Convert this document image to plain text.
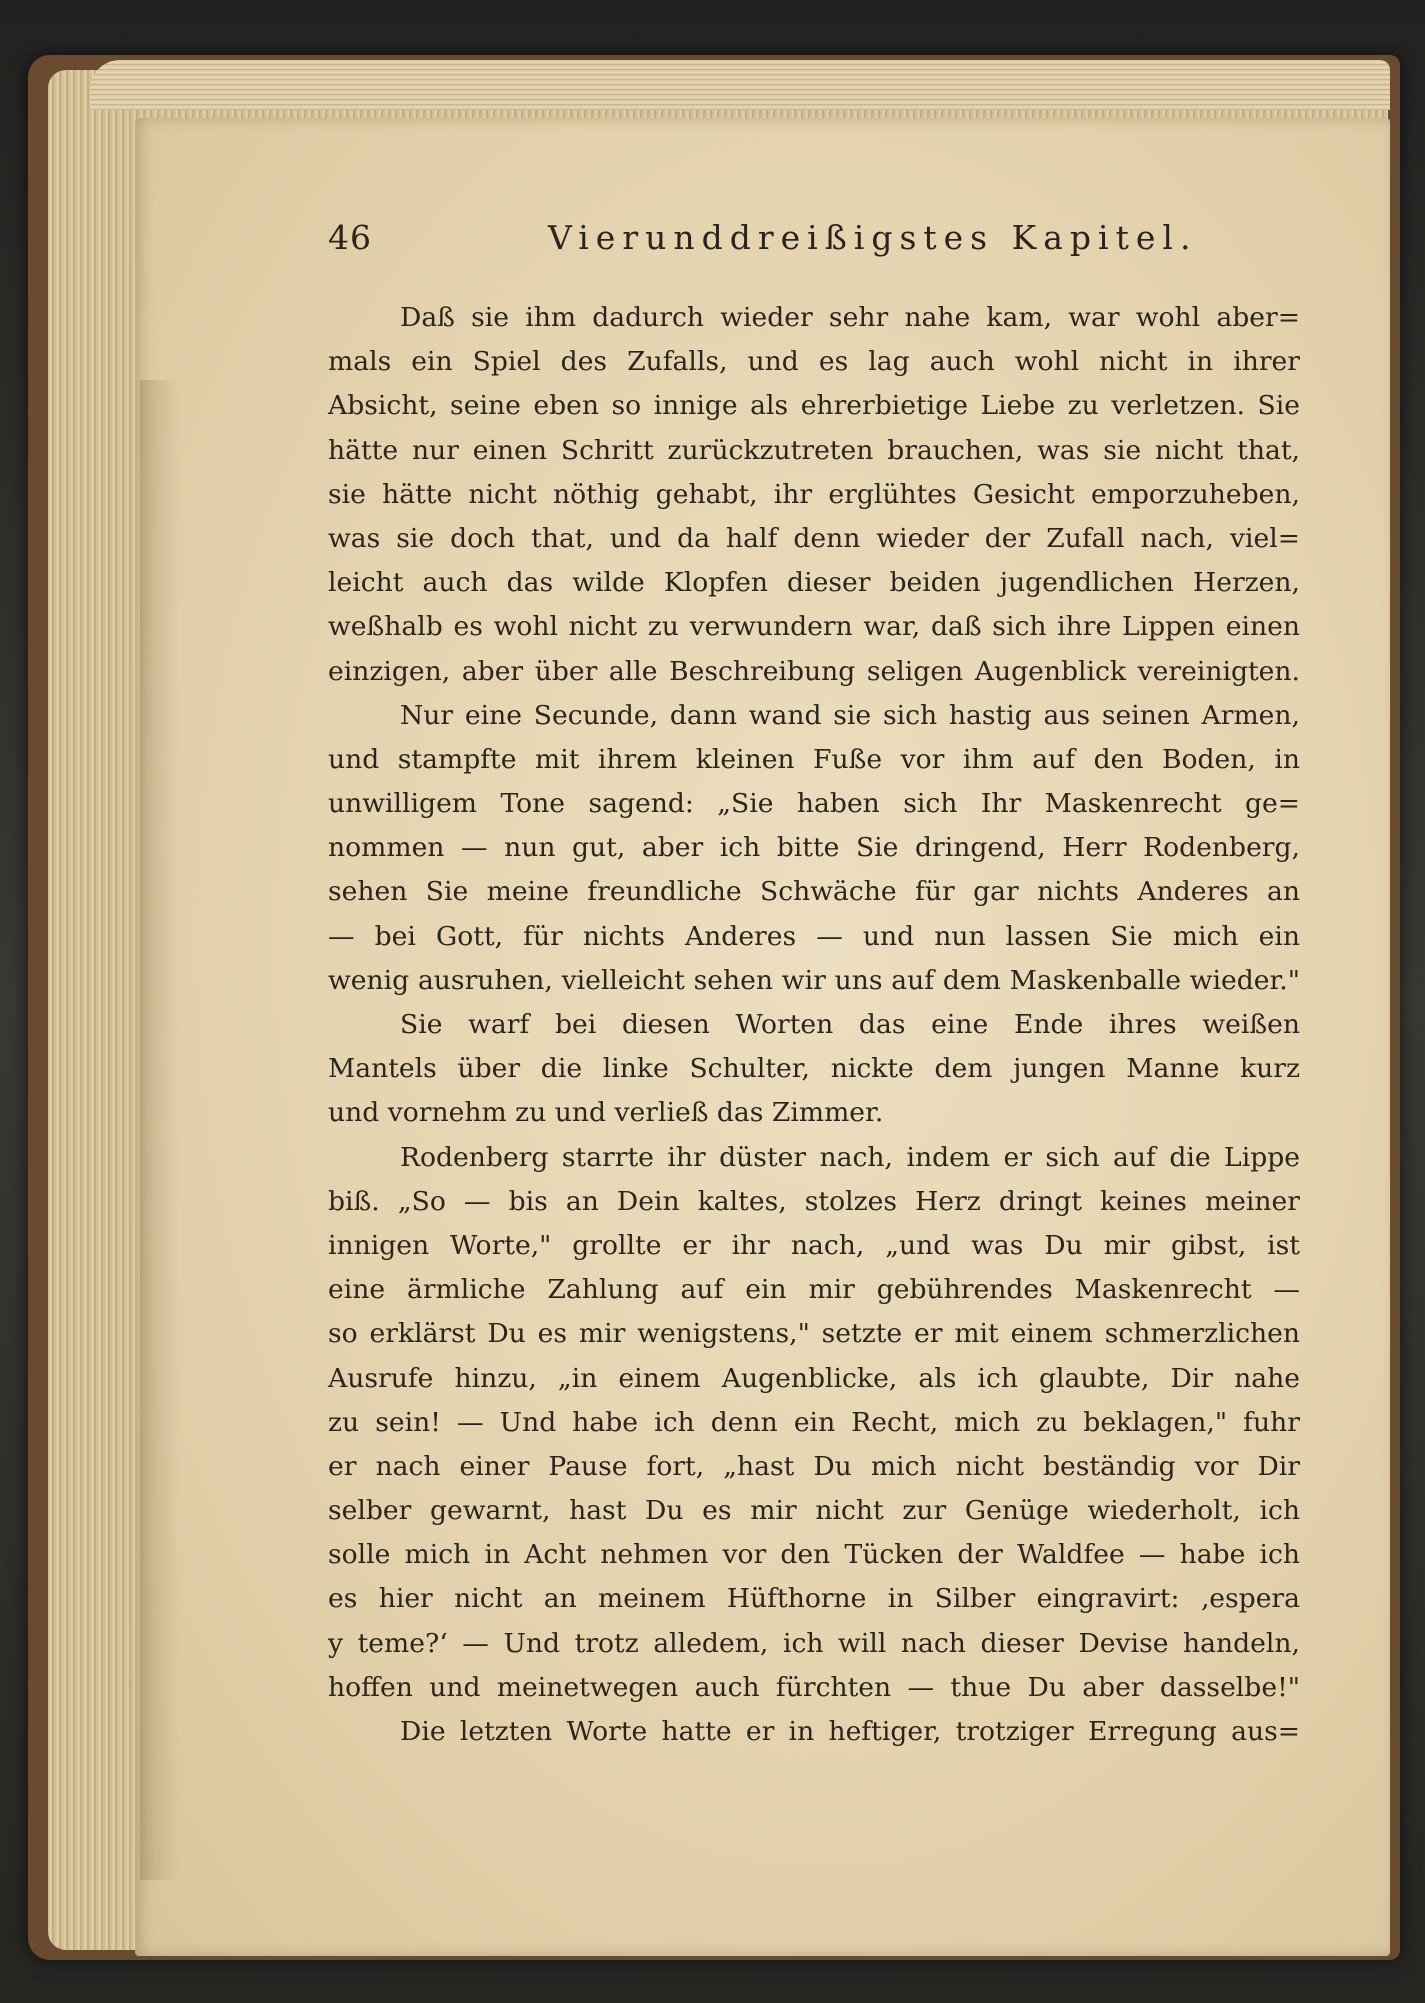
46	Vierunddreißigstes Kapitel.
Daß sie ihm dadurch wieder sehr nahe kam, war wohl aber=
mals ein Spiel des Zufalls, und es lag auch wohl nicht in ihrer
Absicht, seine eben so innige als ehrerbietige Liebe zu verletzen. Sie
hätte nur einen Schritt zurückzutreten brauchen, was sie nicht that,
sie hätte nicht nöthig gehabt, ihr erglühtes Gesicht emporzuheben,
was sie doch that, und da half denn wieder der Zufall nach, viel=
leicht auch das wilde Klopfen dieser beiden jugendlichen Herzen,
weßhalb es wohl nicht zu verwundern war, daß sich ihre Lippen einen
einzigen, aber über alle Beschreibung seligen Augenblick vereinigten.
Nur eine Secunde, dann wand sie sich hastig aus seinen Armen,
und stampfte mit ihrem kleinen Fuße vor ihm auf den Boden, in
unwilligem Tone sagend: „Sie haben sich Ihr Maskenrecht ge=
nommen — nun gut, aber ich bitte Sie dringend, Herr Rodenberg,
sehen Sie meine freundliche Schwäche für gar nichts Anderes an
— bei Gott, für nichts Anderes — und nun lassen Sie mich ein
wenig ausruhen, vielleicht sehen wir uns auf dem Maskenballe wieder."
Sie warf bei diesen Worten das eine Ende ihres weißen
Mantels über die linke Schulter, nickte dem jungen Manne kurz
und vornehm zu und verließ das Zimmer.
Rodenberg starrte ihr düster nach, indem er sich auf die Lippe
biß. „So — bis an Dein kaltes, stolzes Herz dringt keines meiner
innigen Worte," grollte er ihr nach, „und was Du mir gibst, ist
eine ärmliche Zahlung auf ein mir gebührendes Maskenrecht —
so erklärst Du es mir wenigstens," setzte er mit einem schmerzlichen
Ausrufe hinzu, „in einem Augenblicke, als ich glaubte, Dir nahe
zu sein! — Und habe ich denn ein Recht, mich zu beklagen," fuhr
er nach einer Pause fort, „hast Du mich nicht beständig vor Dir
selber gewarnt, hast Du es mir nicht zur Genüge wiederholt, ich
solle mich in Acht nehmen vor den Tücken der Waldfee — habe ich
es hier nicht an meinem Hüfthorne in Silber eingravirt: ‚espera
y teme?‘ — Und trotz alledem, ich will nach dieser Devise handeln,
hoffen und meinetwegen auch fürchten — thue Du aber dasselbe!"
Die letzten Worte hatte er in heftiger, trotziger Erregung aus=
